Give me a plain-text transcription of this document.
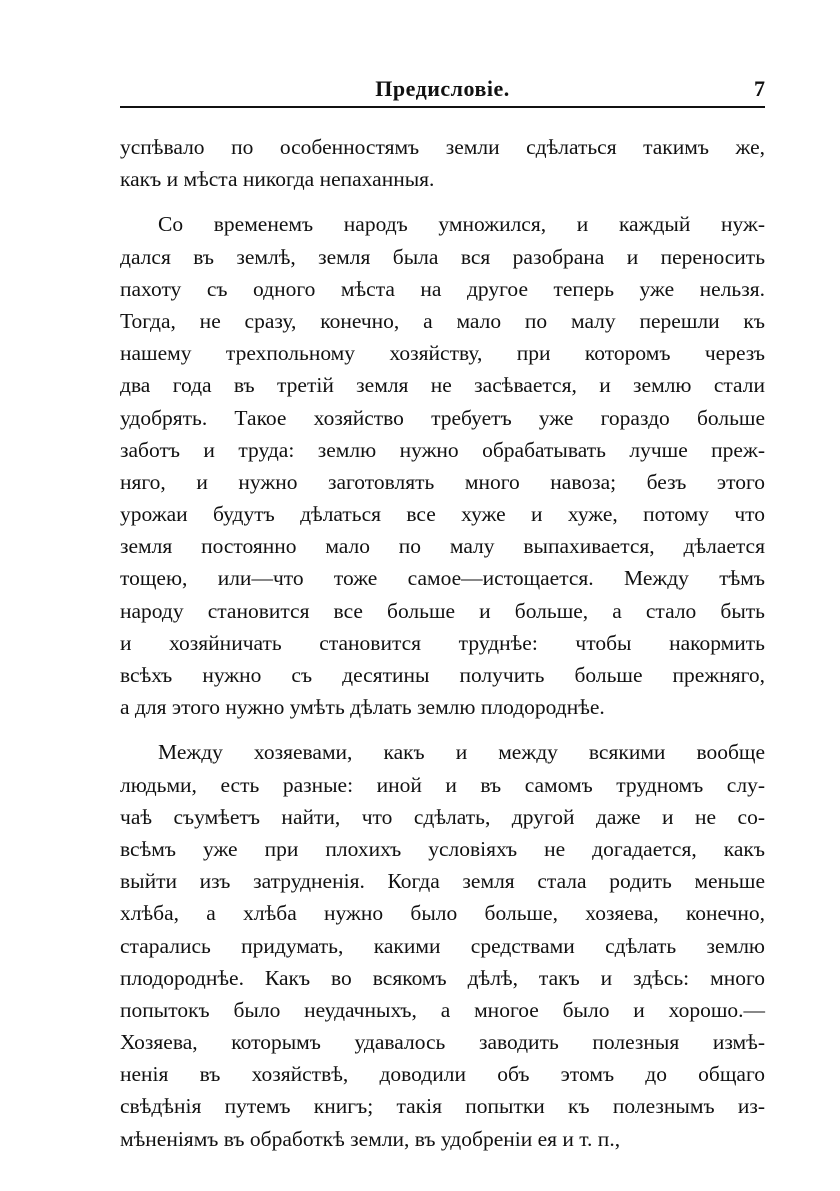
Предисловіе.	7
успѣвало по особенностямъ земли сдѣлаться такимъ же,
какъ и мѣста никогда непаханныя.
Со временемъ народъ умножился, и каждый нуж-
дался въ землѣ, земля была вся разобрана и переносить
пахоту съ одного мѣста на другое теперь уже нельзя.
Тогда, не сразу, конечно, а мало по малу перешли къ
нашему трехпольному хозяйству, при которомъ черезъ
два года въ третій земля не засѣвается, и землю стали
удобрять. Такое хозяйство требуетъ уже гораздо больше
заботъ и труда: землю нужно обрабатывать лучше преж-
няго, и нужно заготовлять много навоза; безъ этого
урожаи будутъ дѣлаться все хуже и хуже, потому что
земля постоянно мало по малу выпахивается, дѣлается
тощею, или—что тоже самое—истощается. Между тѣмъ
народу становится все больше и больше, а стало быть
и хозяйничать становится труднѣе: чтобы накормить
всѣхъ нужно съ десятины получить больше прежняго,
а для этого нужно умѣть дѣлать землю плодороднѣе.
Между хозяевами, какъ и между всякими вообще
людьми, есть разные: иной и въ самомъ трудномъ слу-
чаѣ съумѣетъ найти, что сдѣлать, другой даже и не со-
всѣмъ уже при плохихъ условіяхъ не догадается, какъ
выйти изъ затрудненія. Когда земля стала родить меньше
хлѣба, а хлѣба нужно было больше, хозяева, конечно,
старались придумать, какими средствами сдѣлать землю
плодороднѣе. Какъ во всякомъ дѣлѣ, такъ и здѣсь: много
попытокъ было неудачныхъ, а многое было и хорошо.—
Хозяева, которымъ удавалось заводить полезныя измѣ-
ненія въ хозяйствѣ, доводили объ этомъ до общаго
свѣдѣнія путемъ книгъ; такія попытки къ полезнымъ из-
мѣненіямъ въ обработкѣ земли, въ удобреніи ея и т. п.,
